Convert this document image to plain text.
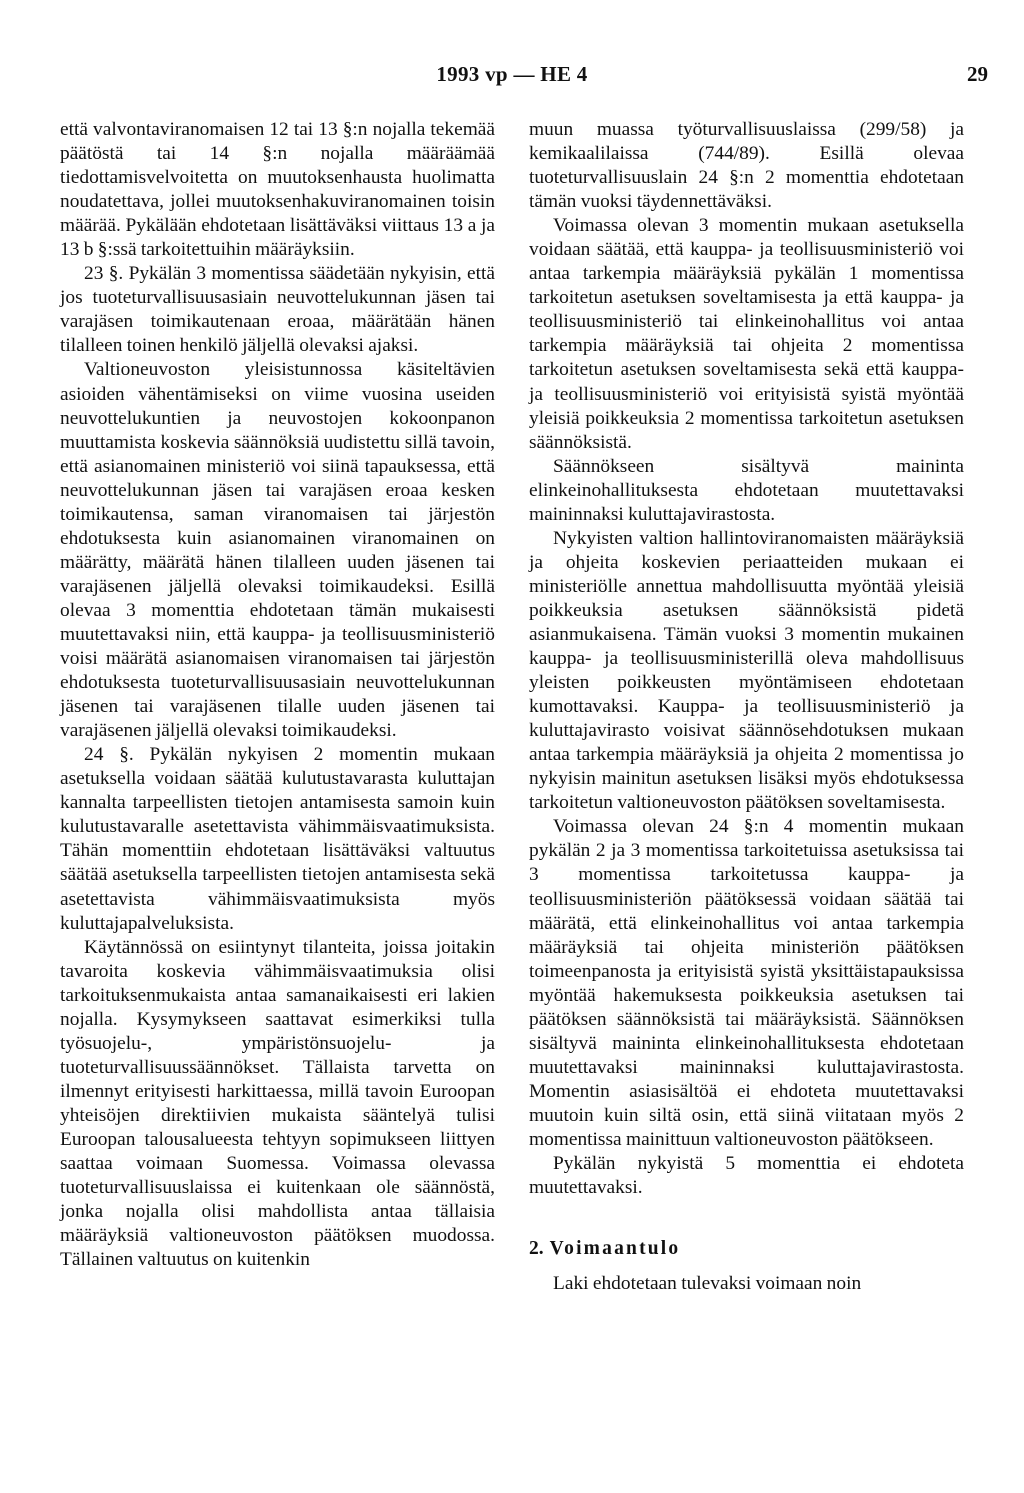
1993 vp — HE 4	29

että valvontaviranomaisen 12 tai 13 §:n nojalla tekemää päätöstä tai 14 §:n nojalla määräämää tiedottamisvelvoitetta on muutoksenhausta huolimatta noudatettava, jollei muutoksenhakuviranomainen toisin määrää. Pykälään ehdotetaan lisättäväksi viittaus 13 a ja 13 b §:ssä tarkoitettuihin määräyksiin.

23 §. Pykälän 3 momentissa säädetään nykyisin, että jos tuoteturvallisuusasiain neuvottelukunnan jäsen tai varajäsen toimikautenaan eroaa, määrätään hänen tilalleen toinen henkilö jäljellä olevaksi ajaksi.

Valtioneuvoston yleisistunnossa käsiteltävien asioiden vähentämiseksi on viime vuosina useiden neuvottelukuntien ja neuvostojen kokoonpanon muuttamista koskevia säännöksiä uudistettu sillä tavoin, että asianomainen ministeriö voi siinä tapauksessa, että neuvottelukunnan jäsen tai varajäsen eroaa kesken toimikautensa, saman viranomaisen tai järjestön ehdotuksesta kuin asianomainen viranomainen on määrätty, määrätä hänen tilalleen uuden jäsenen tai varajäsenen jäljellä olevaksi toimikaudeksi. Esillä olevaa 3 momenttia ehdotetaan tämän mukaisesti muutettavaksi niin, että kauppa- ja teollisuusministeriö voisi määrätä asianomaisen viranomaisen tai järjestön ehdotuksesta tuoteturvallisuusasiain neuvottelukunnan jäsenen tai varajäsenen tilalle uuden jäsenen tai varajäsenen jäljellä olevaksi toimikaudeksi.

24 §. Pykälän nykyisen 2 momentin mukaan asetuksella voidaan säätää kulutustavarasta kuluttajan kannalta tarpeellisten tietojen antamisesta samoin kuin kulutustavaralle asetettavista vähimmäisvaatimuksista. Tähän momenttiin ehdotetaan lisättäväksi valtuutus säätää asetuksella tarpeellisten tietojen antamisesta sekä asetettavista vähimmäisvaatimuksista myös kuluttajapalveluksista.

Käytännössä on esiintynyt tilanteita, joissa joitakin tavaroita koskevia vähimmäisvaatimuksia olisi tarkoituksenmukaista antaa samanaikaisesti eri lakien nojalla. Kysymykseen saattavat esimerkiksi tulla työsuojelu-, ympäristönsuojelu- ja tuoteturvallisuussäännökset. Tällaista tarvetta on ilmennyt erityisesti harkittaessa, millä tavoin Euroopan yhteisöjen direktiivien mukaista sääntelyä tulisi Euroopan talousalueesta tehtyyn sopimukseen liittyen saattaa voimaan Suomessa. Voimassa olevassa tuoteturvallisuuslaissa ei kuitenkaan ole säännöstä, jonka nojalla olisi mahdollista antaa tällaisia määräyksiä valtioneuvoston päätöksen muodossa. Tällainen valtuutus on kuitenkin

muun muassa työturvallisuuslaissa (299/58) ja kemikaalilaissa (744/89). Esillä olevaa tuoteturvallisuuslain 24 §:n 2 momenttia ehdotetaan tämän vuoksi täydennettäväksi.

Voimassa olevan 3 momentin mukaan asetuksella voidaan säätää, että kauppa- ja teollisuusministeriö voi antaa tarkempia määräyksiä pykälän 1 momentissa tarkoitetun asetuksen soveltamisesta ja että kauppa- ja teollisuusministeriö tai elinkeinohallitus voi antaa tarkempia määräyksiä tai ohjeita 2 momentissa tarkoitetun asetuksen soveltamisesta sekä että kauppa- ja teollisuusministeriö voi erityisistä syistä myöntää yleisiä poikkeuksia 2 momentissa tarkoitetun asetuksen säännöksistä.

Säännökseen sisältyvä maininta elinkeinohallituksesta ehdotetaan muutettavaksi maininnaksi kuluttajavirastosta.

Nykyisten valtion hallintoviranomaisten määräyksiä ja ohjeita koskevien periaatteiden mukaan ei ministeriölle annettua mahdollisuutta myöntää yleisiä poikkeuksia asetuksen säännöksistä pidetä asianmukaisena. Tämän vuoksi 3 momentin mukainen kauppa- ja teollisuusministerillä oleva mahdollisuus yleisten poikkeusten myöntämiseen ehdotetaan kumottavaksi. Kauppa- ja teollisuusministeriö ja kuluttajavirasto voisivat säännösehdotuksen mukaan antaa tarkempia määräyksiä ja ohjeita 2 momentissa jo nykyisin mainitun asetuksen lisäksi myös ehdotuksessa tarkoitetun valtioneuvoston päätöksen soveltamisesta.

Voimassa olevan 24 §:n 4 momentin mukaan pykälän 2 ja 3 momentissa tarkoitetuissa asetuksissa tai 3 momentissa tarkoitetussa kauppa- ja teollisuusministeriön päätöksessä voidaan säätää tai määrätä, että elinkeinohallitus voi antaa tarkempia määräyksiä tai ohjeita ministeriön päätöksen toimeenpanosta ja erityisistä syistä yksittäistapauksissa myöntää hakemuksesta poikkeuksia asetuksen tai päätöksen säännöksistä tai määräyksistä. Säännöksen sisältyvä maininta elinkeinohallituksesta ehdotetaan muutettavaksi maininnaksi kuluttajavirastosta. Momentin asiasisältöä ei ehdoteta muutettavaksi muutoin kuin siltä osin, että siinä viitataan myös 2 momentissa mainittuun valtioneuvoston päätökseen.

Pykälän nykyistä 5 momenttia ei ehdoteta muutettavaksi.

2. Voimaantulo

Laki ehdotetaan tulevaksi voimaan noin
